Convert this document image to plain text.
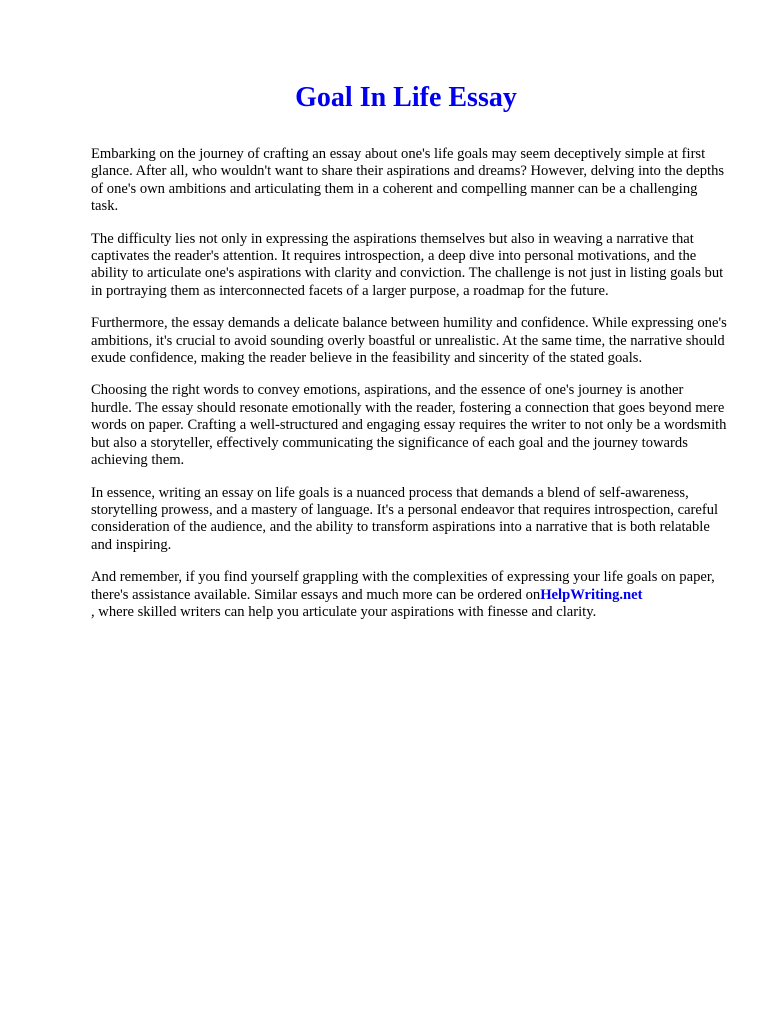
Goal In Life Essay

Embarking on the journey of crafting an essay about one's life goals may seem deceptively simple at first glance. After all, who wouldn't want to share their aspirations and dreams? However, delving into the depths of one's own ambitions and articulating them in a coherent and compelling manner can be a challenging task.

The difficulty lies not only in expressing the aspirations themselves but also in weaving a narrative that captivates the reader's attention. It requires introspection, a deep dive into personal motivations, and the ability to articulate one's aspirations with clarity and conviction. The challenge is not just in listing goals but in portraying them as interconnected facets of a larger purpose, a roadmap for the future.

Furthermore, the essay demands a delicate balance between humility and confidence. While expressing one's ambitions, it's crucial to avoid sounding overly boastful or unrealistic. At the same time, the narrative should exude confidence, making the reader believe in the feasibility and sincerity of the stated goals.

Choosing the right words to convey emotions, aspirations, and the essence of one's journey is another hurdle. The essay should resonate emotionally with the reader, fostering a connection that goes beyond mere words on paper. Crafting a well-structured and engaging essay requires the writer to not only be a wordsmith but also a storyteller, effectively communicating the significance of each goal and the journey towards achieving them.

In essence, writing an essay on life goals is a nuanced process that demands a blend of self-awareness, storytelling prowess, and a mastery of language. It's a personal endeavor that requires introspection, careful consideration of the audience, and the ability to transform aspirations into a narrative that is both relatable and inspiring.

And remember, if you find yourself grappling with the complexities of expressing your life goals on paper, there's assistance available. Similar essays and much more can be ordered onHelpWriting.net
, where skilled writers can help you articulate your aspirations with finesse and clarity.
